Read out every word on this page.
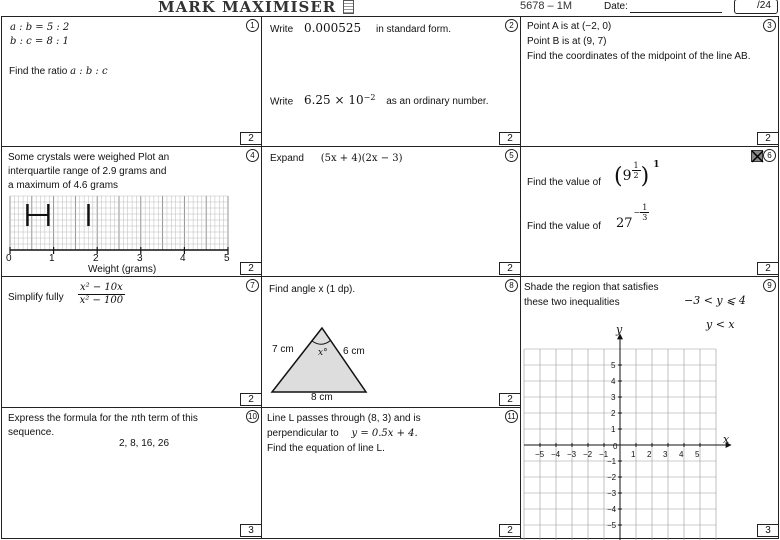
MARK MAXIMISER	5678 – 1M	Date:	/24
1	2	3
4	5	6
7	8	9
10	11
2	2	2
2	2	2
2	2
3	2	3
a : b = 5 : 2
b : c = 8 : 1
Find the ratio a : b : c
Write 0.000525 in standard form.
Write $6.25 \times 10^{-2}$ as an ordinary number.
Point A is at (−2, 0)
Point B is at (9, 7)
Find the coordinates of the midpoint of the line AB.
Some crystals were weighed Plot an
interquartile range of 2.9 grams and
a maximum of 4.6 grams
0	1	2	3	4	5
Weight (grams)
Expand (5x + 4)(2x − 3)
Find the value of ($9 \frac{1}{2}$ ) 1
Find the value of $27- \frac{1}{3}$
Simplify fully $\frac{\text{x² − 10x}}{\text{x² − 100}}$	Find angle x (1 dp).
7 cm	6 cm
x°
8 cm
Shade the region that satisfies
these two inequalities	−3 < y ⩽ 4
y < x
y
x
−5 −4 −3 −2 −1	1 2 3 4 5
5
4
3
2
1
−1
−2
−3
−4
−5
0
Express the formula for the nth term of this
sequence.
2, 8, 16, 26
Line L passes through (8, 3) and is
perpendicular to y = 0.5x + 4.
Find the equation of line L.
